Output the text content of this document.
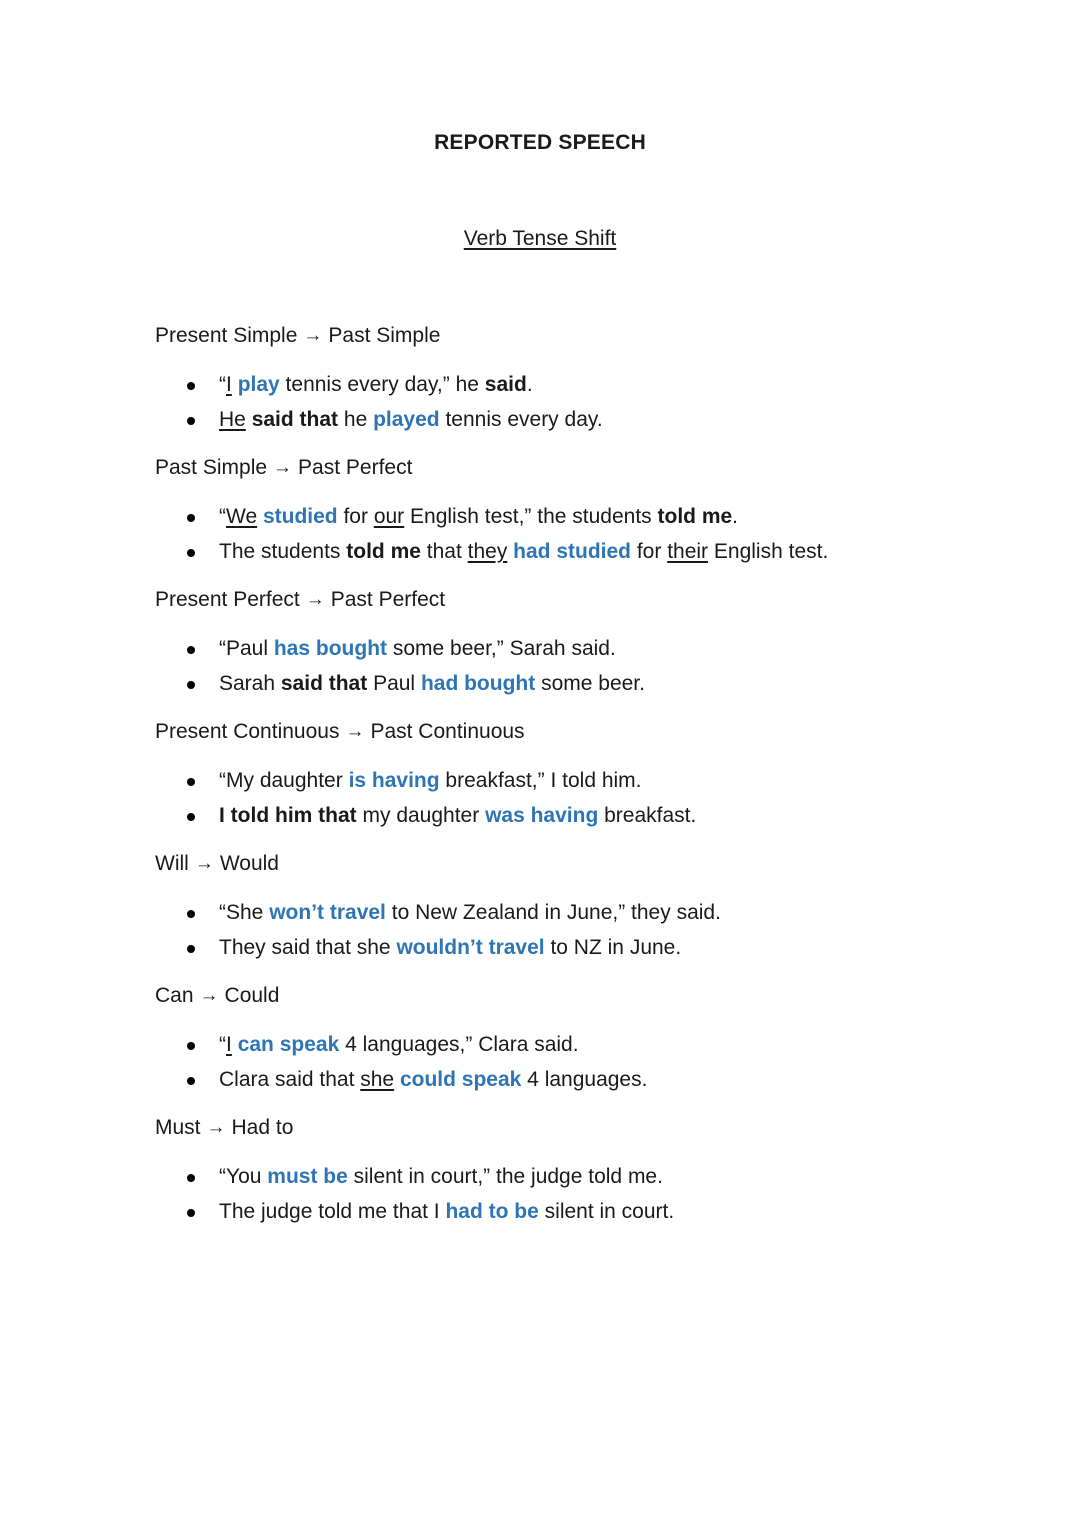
REPORTED SPEECH
Verb Tense Shift
Present Simple → Past Simple
“I play tennis every day,” he said.
He said that he played tennis every day.
Past Simple → Past Perfect
“We studied for our English test,” the students told me.
The students told me that they had studied for their English test.
Present Perfect → Past Perfect
“Paul has bought some beer,” Sarah said.
Sarah said that Paul had bought some beer.
Present Continuous → Past Continuous
“My daughter is having breakfast,” I told him.
I told him that my daughter was having breakfast.
Will → Would
“She won’t travel to New Zealand in June,” they said.
They said that she wouldn’t travel to NZ in June.
Can → Could
“I can speak 4 languages,” Clara said.
Clara said that she could speak 4 languages.
Must → Had to
“You must be silent in court,” the judge told me.
The judge told me that I had to be silent in court.
